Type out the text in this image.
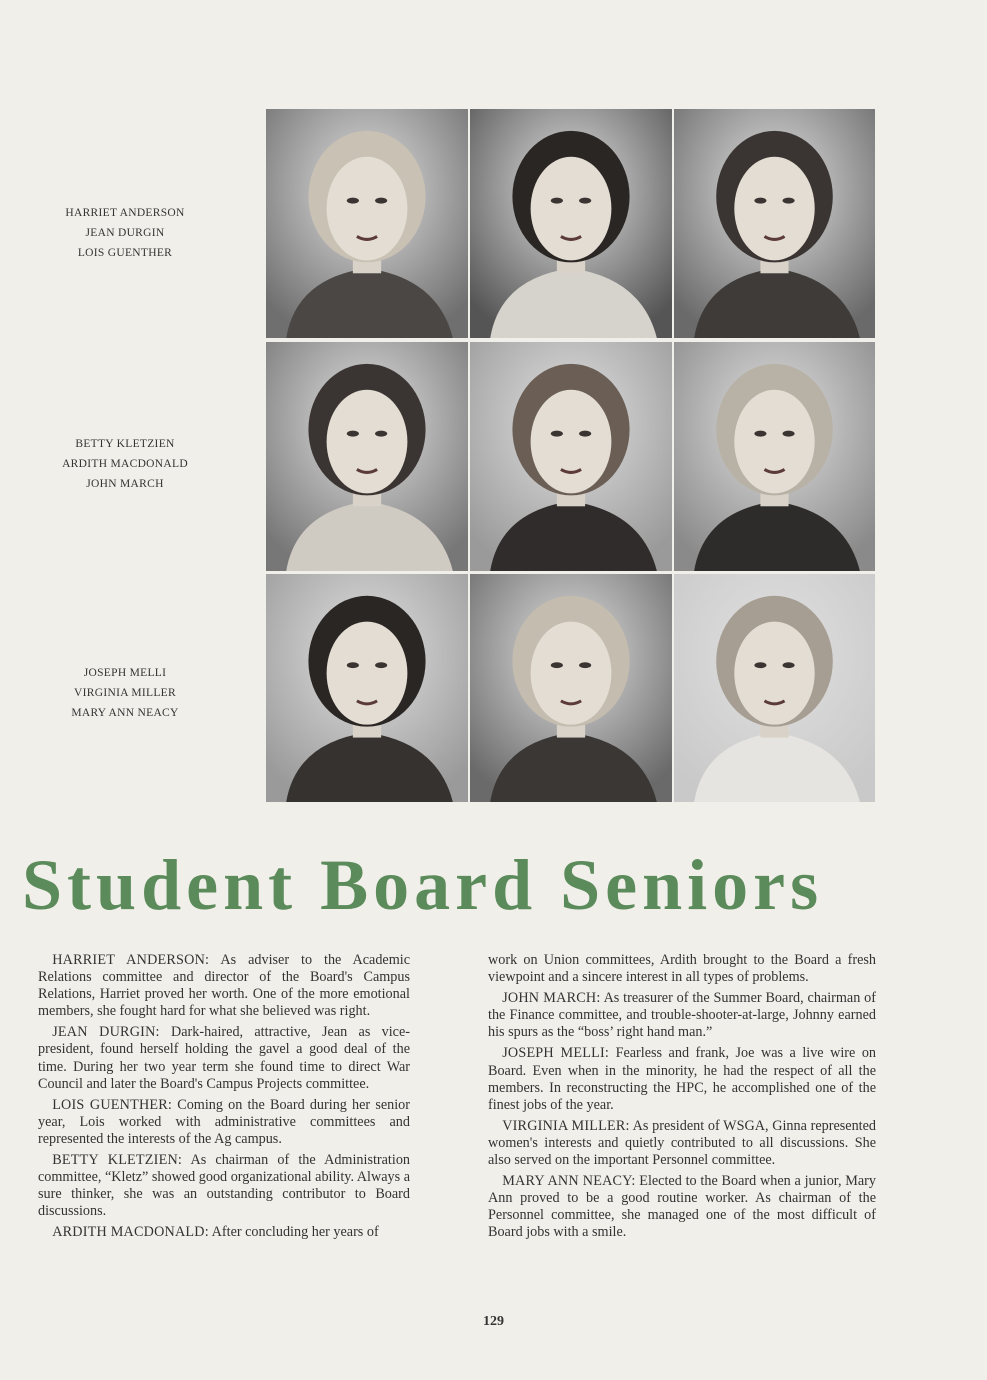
HARRIET ANDERSON
JEAN DURGIN
LOIS GUENTHER
BETTY KLETZIEN
ARDITH MACDONALD
JOHN MARCH
JOSEPH MELLI
VIRGINIA MILLER
MARY ANN NEACY
Student Board Seniors

 HARRIET ANDERSON: As adviser to the Academic Relations committee and director of the Board's Campus Relations, Harriet proved her worth. One of the more emotional members, she fought hard for what she believed was right.

 JEAN DURGIN: Dark-haired, attractive, Jean as vice-president, found herself holding the gavel a good deal of the time. During her two year term she found time to direct War Council and later the Board's Campus Projects committee.

 LOIS GUENTHER: Coming on the Board during her senior year, Lois worked with administrative committees and represented the interests of the Ag campus.

 BETTY KLETZIEN: As chairman of the Administration committee, “Kletz” showed good organizational ability. Always a sure thinker, she was an outstanding contributor to Board discussions.

 ARDITH MACDONALD: After concluding her years of

work on Union committees, Ardith brought to the Board a fresh viewpoint and a sincere interest in all types of problems.

 JOHN MARCH: As treasurer of the Summer Board, chairman of the Finance committee, and trouble-shooter-at-large, Johnny earned his spurs as the “boss’ right hand man.”

 JOSEPH MELLI: Fearless and frank, Joe was a live wire on Board. Even when in the minority, he had the respect of all the members. In reconstructing the HPC, he accomplished one of the finest jobs of the year.

 VIRGINIA MILLER: As president of WSGA, Ginna represented women's interests and quietly contributed to all discussions. She also served on the important Personnel committee.

 MARY ANN NEACY: Elected to the Board when a junior, Mary Ann proved to be a good routine worker. As chairman of the Personnel committee, she managed one of the most difficult of Board jobs with a smile.

129
